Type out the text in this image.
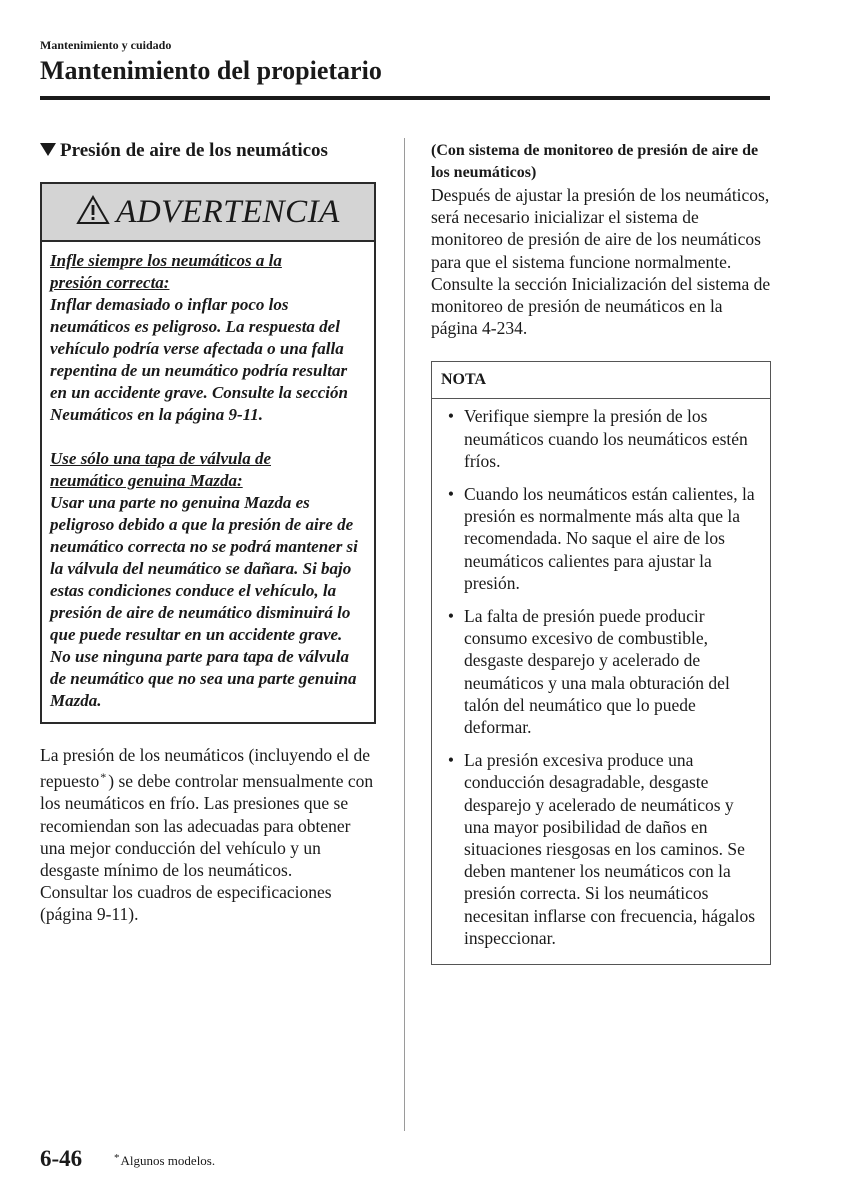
Mantenimiento y cuidado
Mantenimiento del propietario
Presión de aire de los neumáticos
ADVERTENCIA

Infle siempre los neumáticos a la
presión correcta:

Inflar demasiado o inflar poco los neumáticos es peligroso. La respuesta del vehículo podría verse afectada o una falla repentina de un neumático podría resultar en un accidente grave. Consulte la sección Neumáticos en la página 9-11.

Use sólo una tapa de válvula de
neumático genuina Mazda:

Usar una parte no genuina Mazda es peligroso debido a que la presión de aire de neumático correcta no se podrá mantener si la válvula del neumático se dañara. Si bajo estas condiciones conduce el vehículo, la presión de aire de neumático disminuirá lo que puede resultar en un accidente grave. No use ninguna parte para tapa de válvula de neumático que no sea una parte genuina Mazda.

La presión de los neumáticos (incluyendo el de repuesto* ) se debe controlar mensualmente con los neumáticos en frío. Las presiones que se recomiendan son las adecuadas para obtener una mejor conducción del vehículo y un desgaste mínimo de los neumáticos.

Consultar los cuadros de especificaciones (página 9-11).

(Con sistema de monitoreo de presión de aire de los neumáticos)

Después de ajustar la presión de los neumáticos, será necesario inicializar el sistema de monitoreo de presión de aire de los neumáticos para que el sistema funcione normalmente.

Consulte la sección Inicialización del sistema de monitoreo de presión de neumáticos en la página 4-234.

NOTA
• Verifique siempre la presión de los neumáticos cuando los neumáticos estén fríos.
• Cuando los neumáticos están calientes, la presión es normalmente más alta que la recomendada. No saque el aire de los neumáticos calientes para ajustar la presión.
• La falta de presión puede producir consumo excesivo de combustible, desgaste desparejo y acelerado de neumáticos y una mala obturación del talón del neumático que lo puede deformar.
• La presión excesiva produce una conducción desagradable, desgaste desparejo y acelerado de neumáticos y una mayor posibilidad de daños en situaciones riesgosas en los caminos. Se deben mantener los neumáticos con la presión correcta. Si los neumáticos necesitan inflarse con frecuencia, hágalos inspeccionar.
6-46	*Algunos modelos.
